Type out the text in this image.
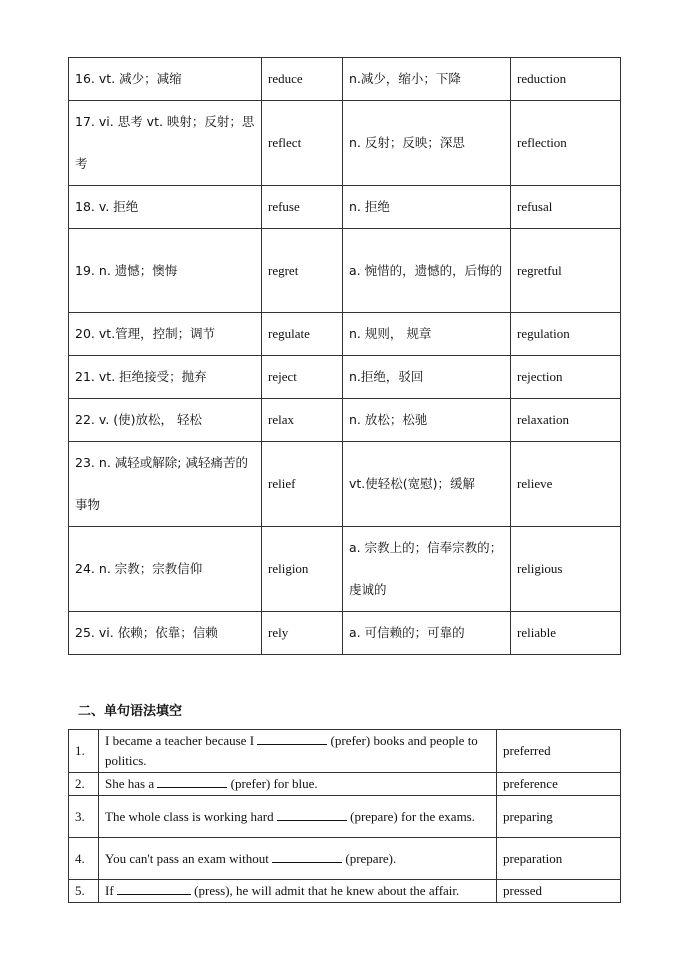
16. vt. 减少；减缩	reduce	n.减少，缩小；下降	reduction
17. vi. 思考 vt. 映射；反射；思考	reflect	n. 反射；反映；深思	reflection
18. v. 拒绝	refuse	n. 拒绝	refusal
19. n. 遗憾；懊悔	regret	a. 惋惜的，遗憾的，后悔的	regretful
20. vt.管理，控制；调节	regulate	n. 规则， 规章	regulation
21. vt. 拒绝接受；抛弃	reject	n.拒绝，驳回	rejection
22. v. (使)放松， 轻松	relax	n. 放松；松驰	relaxation
23. n. 减轻或解除; 减轻痛苦的事物	relief	vt.使轻松(宽慰)；缓解	relieve
24. n. 宗教；宗教信仰	religion	a. 宗教上的；信奉宗教的；虔诚的	religious
25. vi. 依赖；依靠；信赖	rely	a. 可信赖的；可靠的	reliable
二、单句语法填空
1.	I became a teacher because I (prefer) books and people to politics.	preferred
2.	She has a (prefer) for blue.	preference
3.	The whole class is working hard (prepare) for the exams.	preparing
4.	You can't pass an exam without (prepare).	preparation
5.	If (press), he will admit that he knew about the affair.	pressed
